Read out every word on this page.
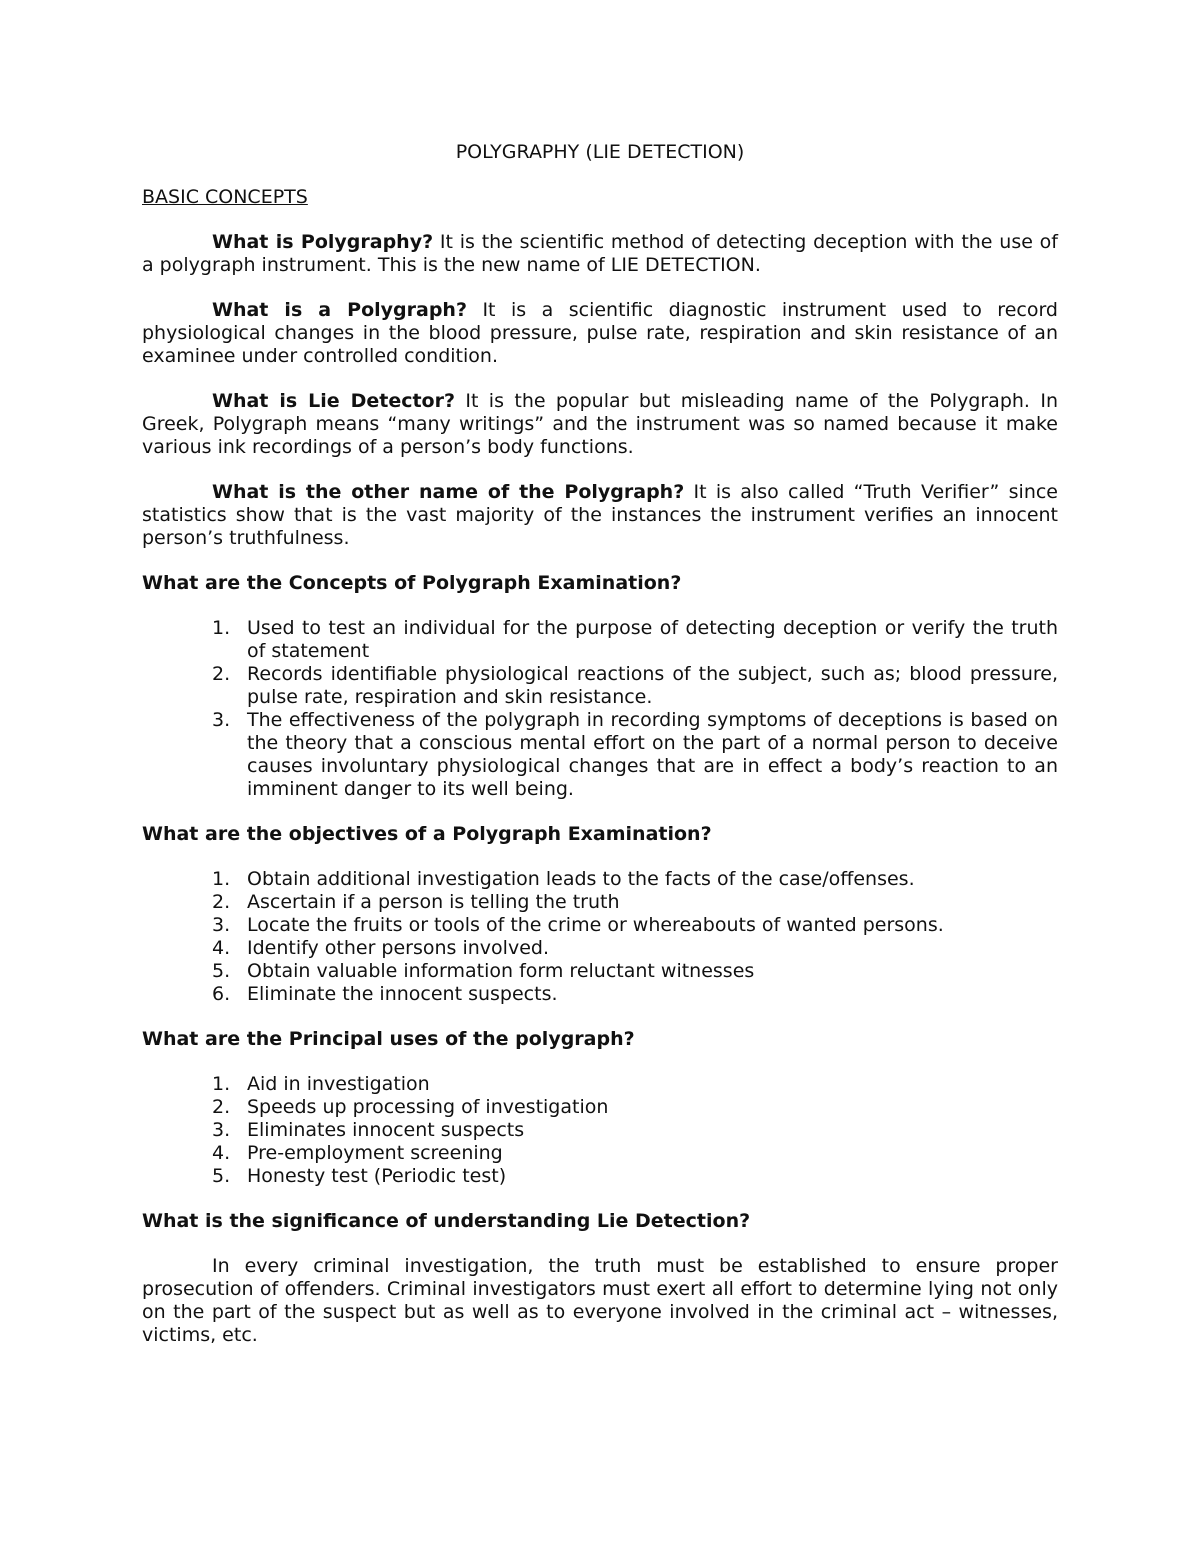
POLYGRAPHY (LIE DETECTION)
BASIC CONCEPTS

What is Polygraphy? It is the scientific method of detecting deception with the use of a polygraph instrument. This is the new name of LIE DETECTION.

What is a Polygraph? It is a scientific diagnostic instrument used to record physiological changes in the blood pressure, pulse rate, respiration and skin resistance of an examinee under controlled condition.

What is Lie Detector? It is the popular but misleading name of the Polygraph. In Greek, Polygraph means “many writings” and the instrument was so named because it make various ink recordings of a person’s body functions.

What is the other name of the Polygraph? It is also called “Truth Verifier” since statistics show that is the vast majority of the instances the instrument verifies an innocent person’s truthfulness.

What are the Concepts of Polygraph Examination?
1. Used to test an individual for the purpose of detecting deception or verify the truth of statement
2. Records identifiable physiological reactions of the subject, such as; blood pressure, pulse rate, respiration and skin resistance.
3. The effectiveness of the polygraph in recording symptoms of deceptions is based on the theory that a conscious mental effort on the part of a normal person to deceive causes involuntary physiological changes that are in effect a body’s reaction to an imminent danger to its well being.
What are the objectives of a Polygraph Examination?
1. Obtain additional investigation leads to the facts of the case/offenses.
2. Ascertain if a person is telling the truth
3. Locate the fruits or tools of the crime or whereabouts of wanted persons.
4. Identify other persons involved.
5. Obtain valuable information form reluctant witnesses
6. Eliminate the innocent suspects.
What are the Principal uses of the polygraph?
1. Aid in investigation
2. Speeds up processing of investigation
3. Eliminates innocent suspects
4. Pre-employment screening
5. Honesty test (Periodic test)
What is the significance of understanding Lie Detection?

In every criminal investigation, the truth must be established to ensure proper prosecution of offenders. Criminal investigators must exert all effort to determine lying not only on the part of the suspect but as well as to everyone involved in the criminal act – witnesses, victims, etc.
